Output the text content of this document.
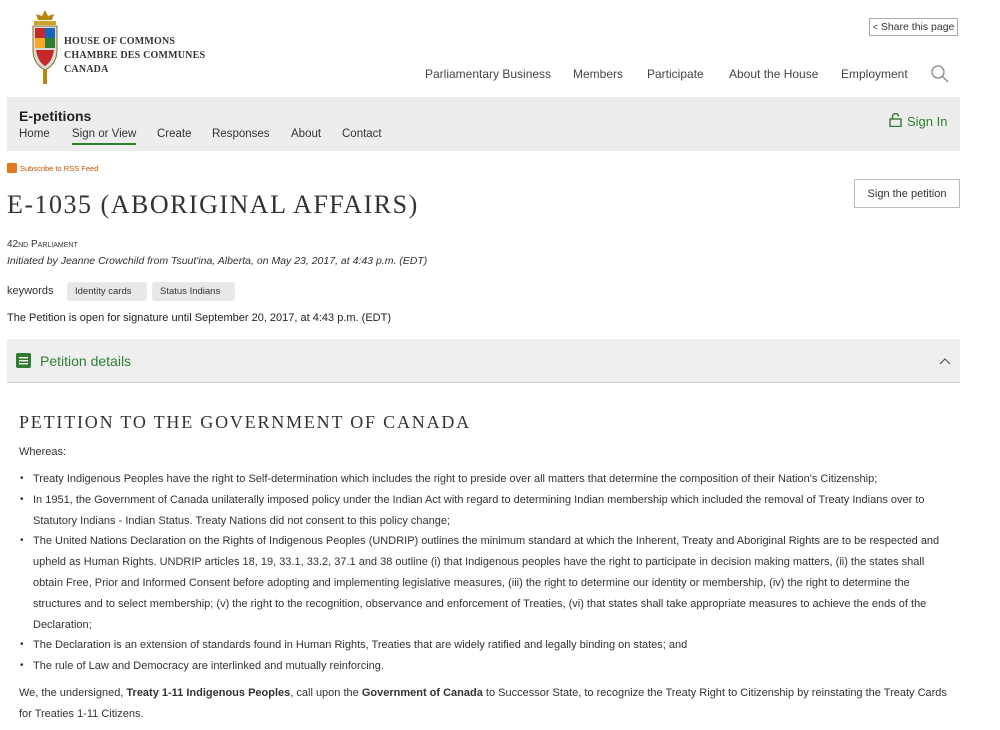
HOUSE OF COMMONS
CHAMBRE DES COMMUNES
CANADA
< Share this page
Parliamentary Business Members Participate About the House Employment
E-petitions
Home Sign or View Create Responses About Contact
Sign In
Subscribe to RSS Feed
E-1035 (ABORIGINAL AFFAIRS)	Sign the petition
42nd Parliament
Initiated by Jeanne Crowchild from Tsuut'ina, Alberta, on May 23, 2017, at 4:43 p.m. (EDT)
keywords	Identity cards	Status Indians
The Petition is open for signature until September 20, 2017, at 4:43 p.m. (EDT)
Petition details
PETITION TO THE GOVERNMENT OF CANADA
Whereas:
• Treaty Indigenous Peoples have the right to Self-determination which includes the right to preside over all matters that determine the composition of their Nation's Citizenship;
• In 1951, the Government of Canada unilaterally imposed policy under the Indian Act with regard to determining Indian membership which included the removal of Treaty Indians over to Statutory Indians - Indian Status. Treaty Nations did not consent to this policy change;
• The United Nations Declaration on the Rights of Indigenous Peoples (UNDRIP) outlines the minimum standard at which the Inherent, Treaty and Aboriginal Rights are to be respected and upheld as Human Rights. UNDRIP articles 18, 19, 33.1, 33.2, 37.1 and 38 outline (i) that Indigenous peoples have the right to participate in decision making matters, (ii) the states shall obtain Free, Prior and Informed Consent before adopting and implementing legislative measures, (iii) the right to determine our identity or membership, (iv) the right to determine the structures and to select membership; (v) the right to the recognition, observance and enforcement of Treaties, (vi) that states shall take appropriate measures to achieve the ends of the Declaration;
• The Declaration is an extension of standards found in Human Rights, Treaties that are widely ratified and legally binding on states; and
• The rule of Law and Democracy are interlinked and mutually reinforcing.
We, the undersigned, Treaty 1-11 Indigenous Peoples, call upon the Government of Canada to Successor State, to recognize the Treaty Right to Citizenship by reinstating the Treaty Cards for Treaties 1-11 Citizens.
